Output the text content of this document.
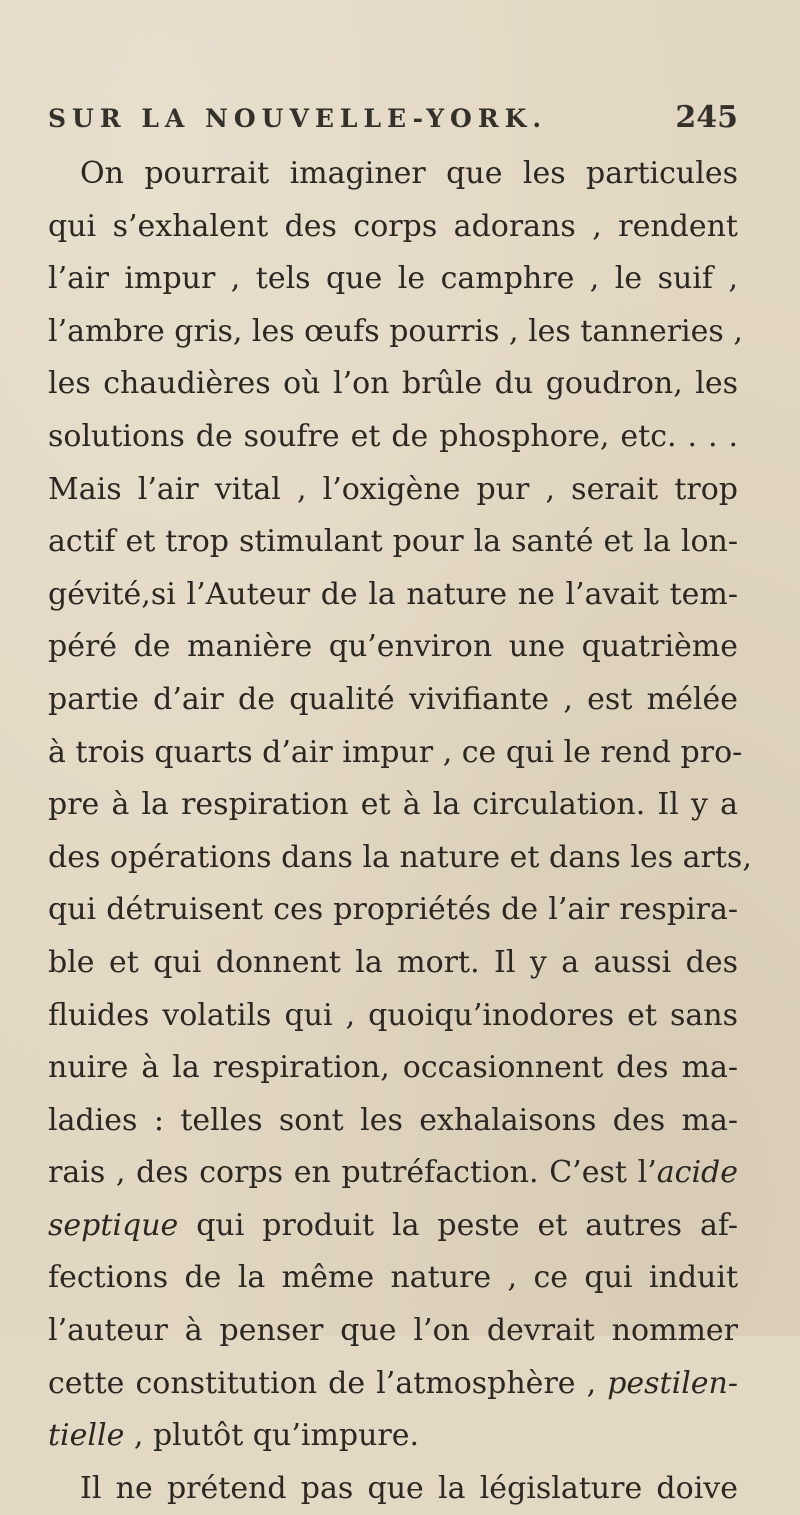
SUR LA NOUVELLE-YORK.	245
On pourrait imaginer que les particules
qui s’exhalent des corps adorans , rendent
l’air impur , tels que le camphre , le suif ,
l’ambre gris, les œufs pourris , les tanneries ,
les chaudières où l’on brûle du goudron, les
solutions de soufre et de phosphore, etc. . . .
Mais l’air vital , l’oxigène pur , serait trop
actif et trop stimulant pour la santé et la lon-
gévité,si l’Auteur de la nature ne l’avait tem-
péré de manière qu’environ une quatrième
partie d’air de qualité vivifiante , est mélée
à trois quarts d’air impur , ce qui le rend pro-
pre à la respiration et à la circulation. Il y a
des opérations dans la nature et dans les arts,
qui détruisent ces propriétés de l’air respira-
ble et qui donnent la mort. Il y a aussi des
fluides volatils qui , quoiqu’inodores et sans
nuire à la respiration, occasionnent des ma-
ladies : telles sont les exhalaisons des ma-
rais , des corps en putréfaction. C’est l’acide
septique qui produit la peste et autres af-
fections de la même nature , ce qui induit
l’auteur à penser que l’on devrait nommer
cette constitution de l’atmosphère , pestilen-
tielle , plutôt qu’impure.
Il ne prétend pas que la législature doive
